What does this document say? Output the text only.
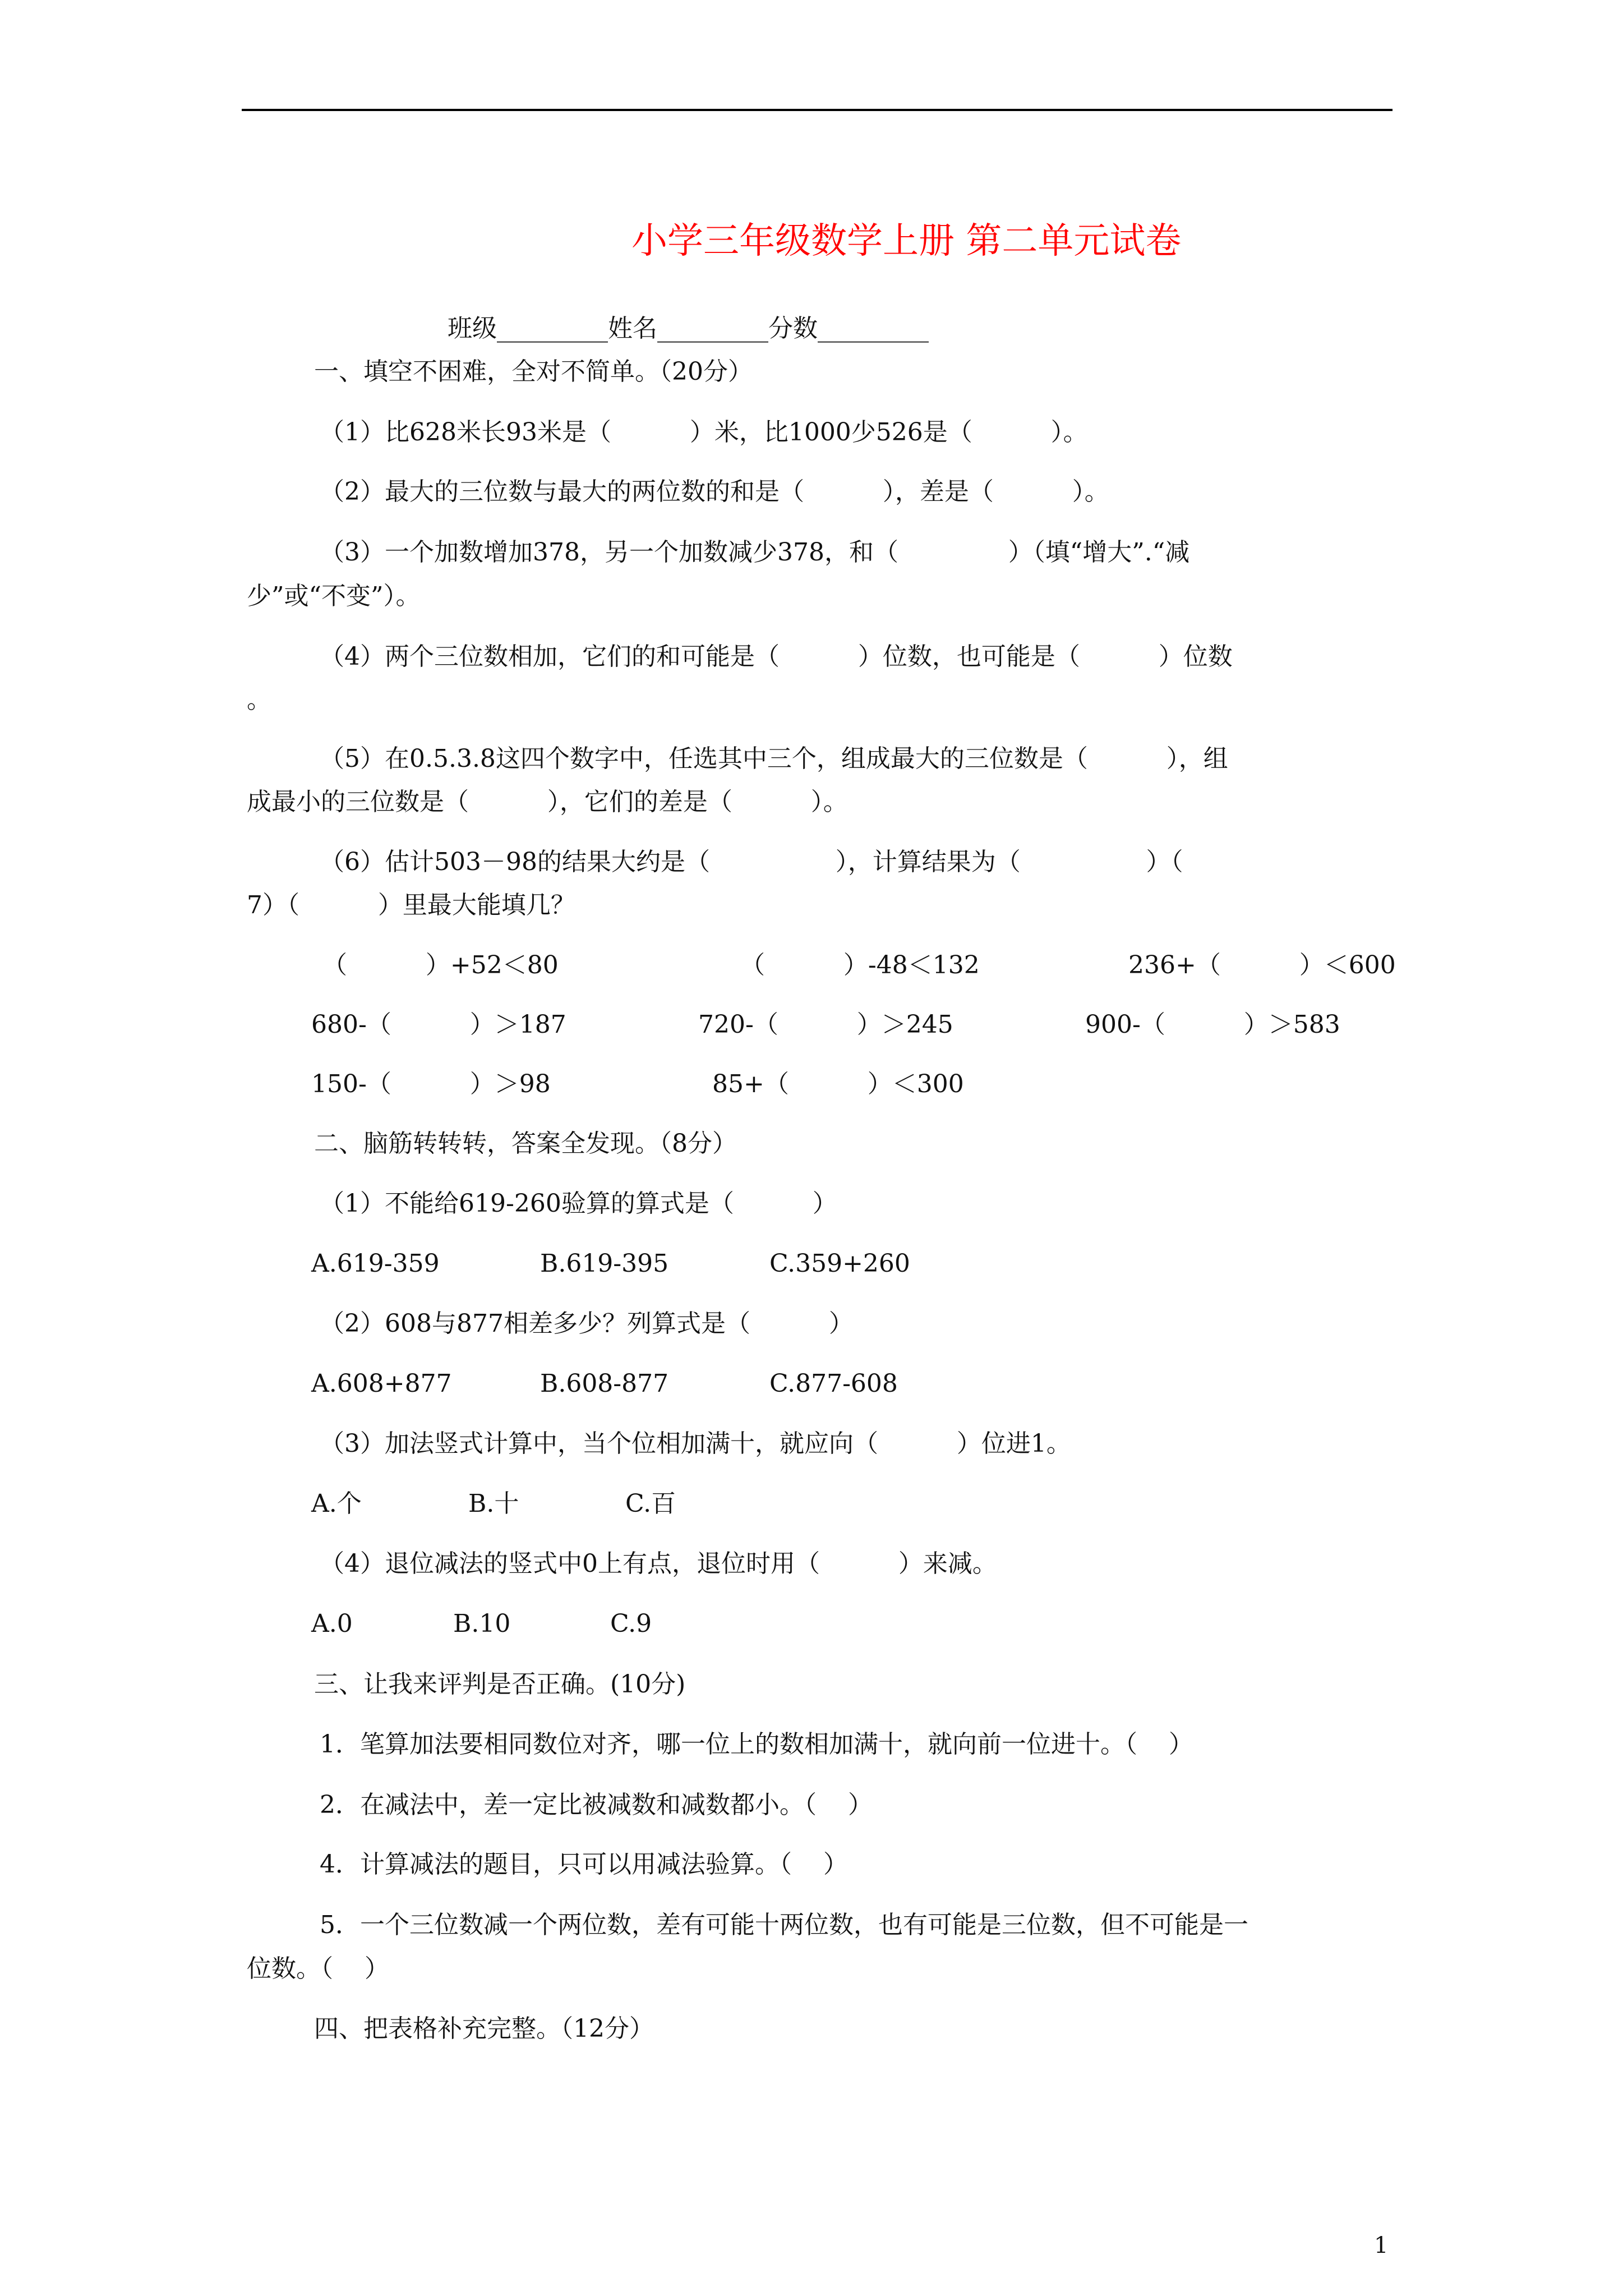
小学三年级数学上册 第二单元试卷
班级_________姓名_________分数_________
一、填空不困难，全对不简单。（20分）
（1）比628米长93米是（          ）米，比1000少526是（          ）。
（2）最大的三位数与最大的两位数的和是（          ），差是（          ）。
（3）一个加数增加378，另一个加数减少378，和（              ）（填“增大”.“减
少”或“不变”）。
（4）两个三位数相加，它们的和可能是（          ）位数，也可能是（          ）位数
。
（5）在0.5.3.8这四个数字中，任选其中三个，组成最大的三位数是（          ），组
成最小的三位数是（          ），它们的差是（          ）。
（6）估计503－98的结果大约是（                ），计算结果为（                ）（
7）（          ）里最大能填几？
（          ）+52＜80	（          ）-48＜132	236+（          ）＜600
680-（          ）＞187	720-（          ）＞245	900-（          ）＞583
150-（          ）＞98	85+（          ）＜300
二、脑筋转转转，答案全发现。（8分）
（1）不能给619-260验算的算式是（          ）
A.619-359	B.619-395	C.359+260
（2）608与877相差多少？列算式是（          ）
A.608+877	B.608-877	C.877-608
（3）加法竖式计算中，当个位相加满十，就应向（          ）位进1。
A.个	B.十	C.百
（4）退位减法的竖式中0上有点，退位时用（          ）来减。
A.0	B.10	C.9
三、让我来评判是否正确。(10分)
1．笔算加法要相同数位对齐，哪一位上的数相加满十，就向前一位进十。（    ）
2．在减法中，差一定比被减数和减数都小。（    ）
4．计算减法的题目，只可以用减法验算。（    ）
5．一个三位数减一个两位数，差有可能十两位数，也有可能是三位数，但不可能是一
位数。（    ）
四、把表格补充完整。（12分）
1
